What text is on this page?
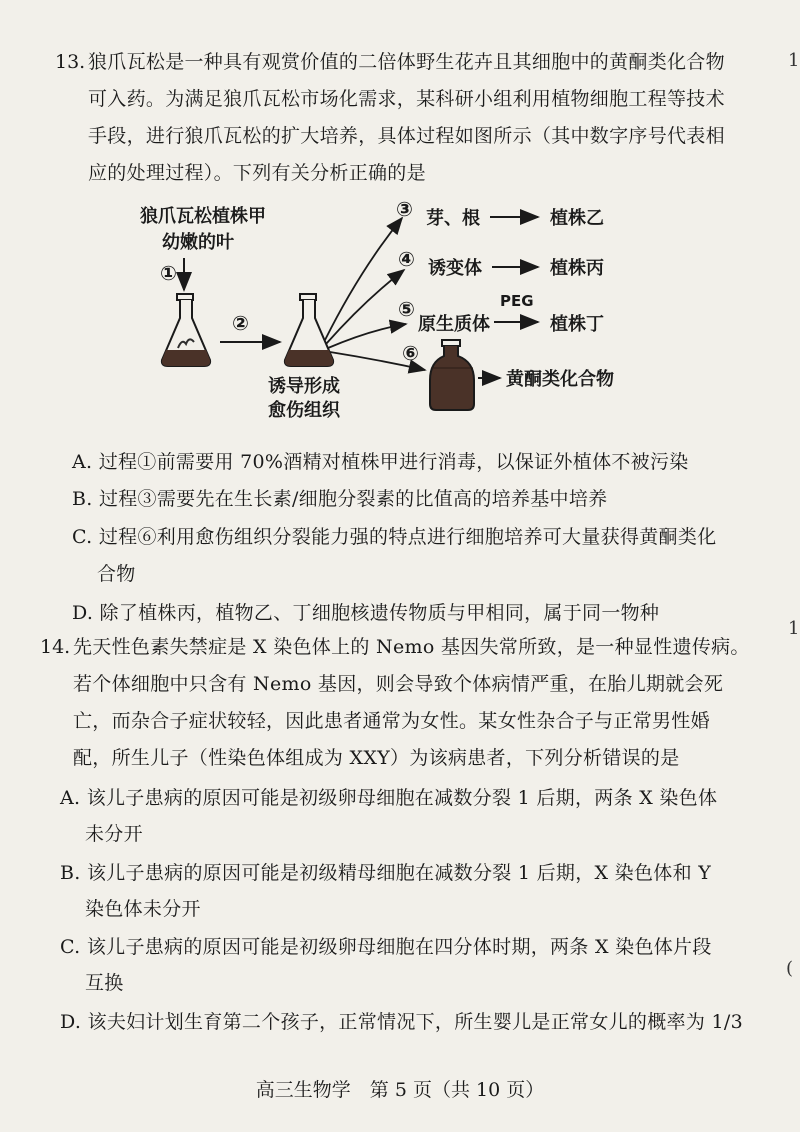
13. 狼爪瓦松是一种具有观赏价值的二倍体野生花卉且其细胞中的黄酮类化合物
可入药。为满足狼爪瓦松市场化需求，某科研小组利用植物细胞工程等技术
手段，进行狼爪瓦松的扩大培养，具体过程如图所示（其中数字序号代表相
应的处理过程）。下列有关分析正确的是
狼爪瓦松植株甲
幼嫩的叶
①
②
诱导形成
愈伤组织
③ 芽、根	植株乙
④ 诱变体	植株丙
⑤
原生质体
PEG
植株丁
⑥
黄酮类化合物
A. 过程①前需要用 70%酒精对植株甲进行消毒，以保证外植体不被污染
B. 过程③需要先在生长素/细胞分裂素的比值高的培养基中培养
C. 过程⑥利用愈伤组织分裂能力强的特点进行细胞培养可大量获得黄酮类化
合物
D. 除了植株丙，植物乙、丁细胞核遗传物质与甲相同，属于同一物种
14. 先天性色素失禁症是 X 染色体上的 Nemo 基因失常所致，是一种显性遗传病。
若个体细胞中只含有 Nemo 基因，则会导致个体病情严重，在胎儿期就会死
亡，而杂合子症状较轻，因此患者通常为女性。某女性杂合子与正常男性婚
配，所生儿子（性染色体组成为 XXY）为该病患者，下列分析错误的是
A. 该儿子患病的原因可能是初级卵母细胞在减数分裂 1 后期，两条 X 染色体
未分开
B. 该儿子患病的原因可能是初级精母细胞在减数分裂 1 后期，X 染色体和 Y
染色体未分开
C. 该儿子患病的原因可能是初级卵母细胞在四分体时期，两条 X 染色体片段
互换
D. 该夫妇计划生育第二个孩子，正常情况下，所生婴儿是正常女儿的概率为 1/3
高三生物学　第 5 页（共 10 页）
1
1
(
